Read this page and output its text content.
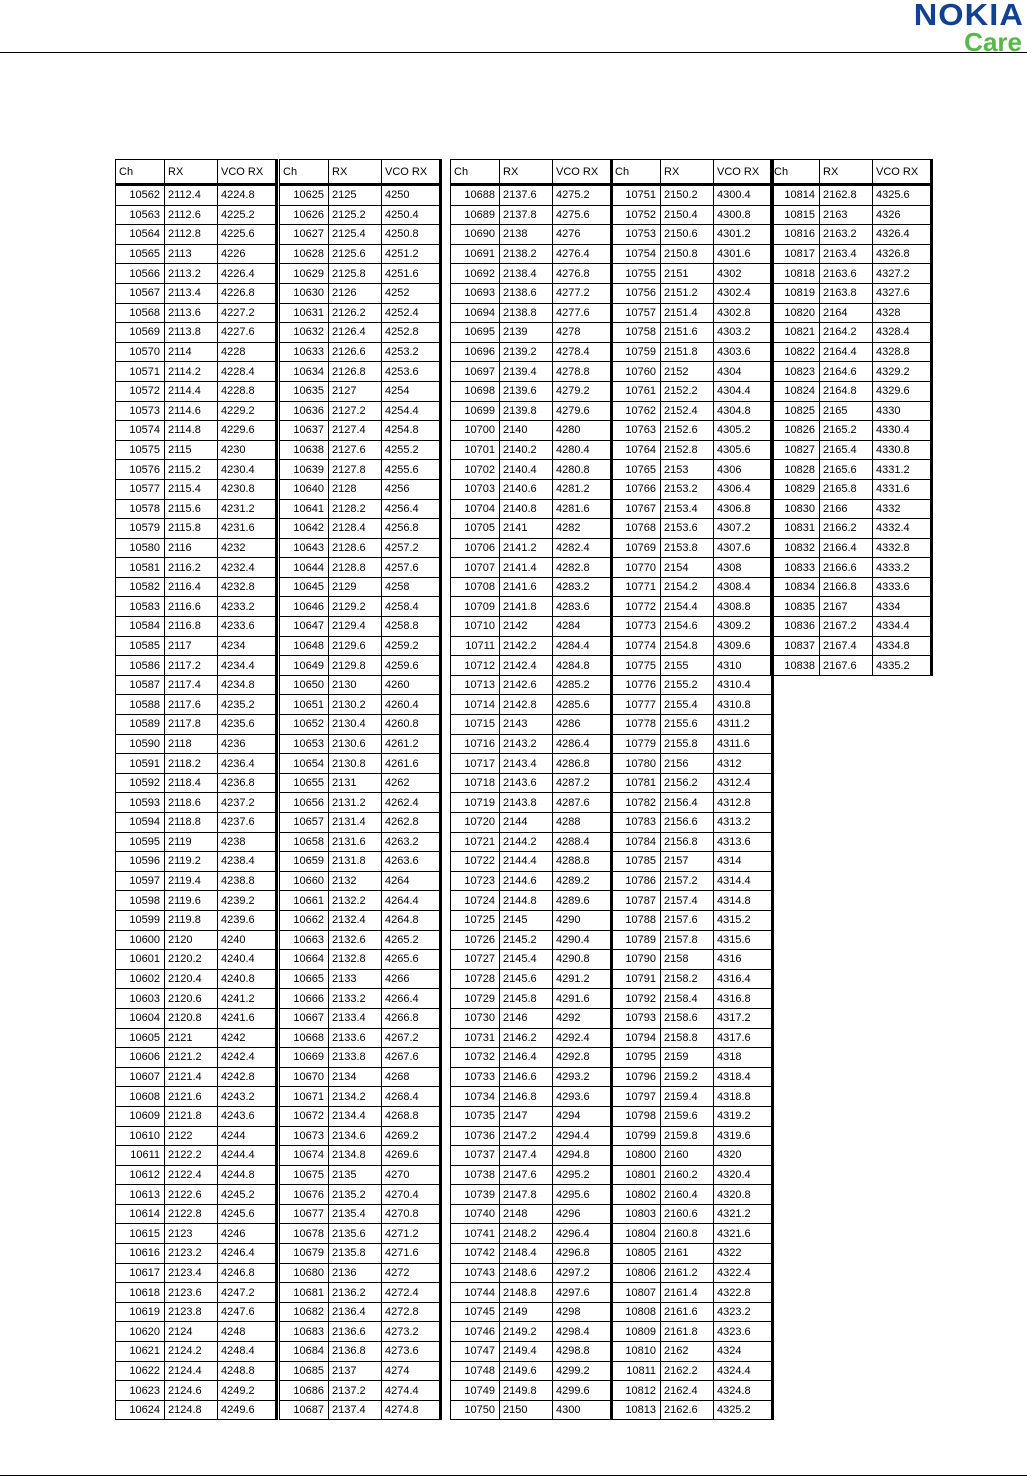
NOKIA
Care
Ch	RX	VCO RX
10562	2112.4	4224.8
10563	2112.6	4225.2
10564	2112.8	4225.6
10565	2113	4226
10566	2113.2	4226.4
10567	2113.4	4226.8
10568	2113.6	4227.2
10569	2113.8	4227.6
10570	2114	4228
10571	2114.2	4228.4
10572	2114.4	4228.8
10573	2114.6	4229.2
10574	2114.8	4229.6
10575	2115	4230
10576	2115.2	4230.4
10577	2115.4	4230.8
10578	2115.6	4231.2
10579	2115.8	4231.6
10580	2116	4232
10581	2116.2	4232.4
10582	2116.4	4232.8
10583	2116.6	4233.2
10584	2116.8	4233.6
10585	2117	4234
10586	2117.2	4234.4
10587	2117.4	4234.8
10588	2117.6	4235.2
10589	2117.8	4235.6
10590	2118	4236
10591	2118.2	4236.4
10592	2118.4	4236.8
10593	2118.6	4237.2
10594	2118.8	4237.6
10595	2119	4238
10596	2119.2	4238.4
10597	2119.4	4238.8
10598	2119.6	4239.2
10599	2119.8	4239.6
10600	2120	4240
10601	2120.2	4240.4
10602	2120.4	4240.8
10603	2120.6	4241.2
10604	2120.8	4241.6
10605	2121	4242
10606	2121.2	4242.4
10607	2121.4	4242.8
10608	2121.6	4243.2
10609	2121.8	4243.6
10610	2122	4244
10611	2122.2	4244.4
10612	2122.4	4244.8
10613	2122.6	4245.2
10614	2122.8	4245.6
10615	2123	4246
10616	2123.2	4246.4
10617	2123.4	4246.8
10618	2123.6	4247.2
10619	2123.8	4247.6
10620	2124	4248
10621	2124.2	4248.4
10622	2124.4	4248.8
10623	2124.6	4249.2
10624	2124.8	4249.6
Ch	RX	VCO RX
10625	2125	4250
10626	2125.2	4250.4
10627	2125.4	4250.8
10628	2125.6	4251.2
10629	2125.8	4251.6
10630	2126	4252
10631	2126.2	4252.4
10632	2126.4	4252.8
10633	2126.6	4253.2
10634	2126.8	4253.6
10635	2127	4254
10636	2127.2	4254.4
10637	2127.4	4254.8
10638	2127.6	4255.2
10639	2127.8	4255.6
10640	2128	4256
10641	2128.2	4256.4
10642	2128.4	4256.8
10643	2128.6	4257.2
10644	2128.8	4257.6
10645	2129	4258
10646	2129.2	4258.4
10647	2129.4	4258.8
10648	2129.6	4259.2
10649	2129.8	4259.6
10650	2130	4260
10651	2130.2	4260.4
10652	2130.4	4260.8
10653	2130.6	4261.2
10654	2130.8	4261.6
10655	2131	4262
10656	2131.2	4262.4
10657	2131.4	4262.8
10658	2131.6	4263.2
10659	2131.8	4263.6
10660	2132	4264
10661	2132.2	4264.4
10662	2132.4	4264.8
10663	2132.6	4265.2
10664	2132.8	4265.6
10665	2133	4266
10666	2133.2	4266.4
10667	2133.4	4266.8
10668	2133.6	4267.2
10669	2133.8	4267.6
10670	2134	4268
10671	2134.2	4268.4
10672	2134.4	4268.8
10673	2134.6	4269.2
10674	2134.8	4269.6
10675	2135	4270
10676	2135.2	4270.4
10677	2135.4	4270.8
10678	2135.6	4271.2
10679	2135.8	4271.6
10680	2136	4272
10681	2136.2	4272.4
10682	2136.4	4272.8
10683	2136.6	4273.2
10684	2136.8	4273.6
10685	2137	4274
10686	2137.2	4274.4
10687	2137.4	4274.8
Ch	RX	VCO RX
10688	2137.6	4275.2
10689	2137.8	4275.6
10690	2138	4276
10691	2138.2	4276.4
10692	2138.4	4276.8
10693	2138.6	4277.2
10694	2138.8	4277.6
10695	2139	4278
10696	2139.2	4278.4
10697	2139.4	4278.8
10698	2139.6	4279.2
10699	2139.8	4279.6
10700	2140	4280
10701	2140.2	4280.4
10702	2140.4	4280.8
10703	2140.6	4281.2
10704	2140.8	4281.6
10705	2141	4282
10706	2141.2	4282.4
10707	2141.4	4282.8
10708	2141.6	4283.2
10709	2141.8	4283.6
10710	2142	4284
10711	2142.2	4284.4
10712	2142.4	4284.8
10713	2142.6	4285.2
10714	2142.8	4285.6
10715	2143	4286
10716	2143.2	4286.4
10717	2143.4	4286.8
10718	2143.6	4287.2
10719	2143.8	4287.6
10720	2144	4288
10721	2144.2	4288.4
10722	2144.4	4288.8
10723	2144.6	4289.2
10724	2144.8	4289.6
10725	2145	4290
10726	2145.2	4290.4
10727	2145.4	4290.8
10728	2145.6	4291.2
10729	2145.8	4291.6
10730	2146	4292
10731	2146.2	4292.4
10732	2146.4	4292.8
10733	2146.6	4293.2
10734	2146.8	4293.6
10735	2147	4294
10736	2147.2	4294.4
10737	2147.4	4294.8
10738	2147.6	4295.2
10739	2147.8	4295.6
10740	2148	4296
10741	2148.2	4296.4
10742	2148.4	4296.8
10743	2148.6	4297.2
10744	2148.8	4297.6
10745	2149	4298
10746	2149.2	4298.4
10747	2149.4	4298.8
10748	2149.6	4299.2
10749	2149.8	4299.6
10750	2150	4300
Ch	RX	VCO RX
10751	2150.2	4300.4
10752	2150.4	4300.8
10753	2150.6	4301.2
10754	2150.8	4301.6
10755	2151	4302
10756	2151.2	4302.4
10757	2151.4	4302.8
10758	2151.6	4303.2
10759	2151.8	4303.6
10760	2152	4304
10761	2152.2	4304.4
10762	2152.4	4304.8
10763	2152.6	4305.2
10764	2152.8	4305.6
10765	2153	4306
10766	2153.2	4306.4
10767	2153.4	4306.8
10768	2153.6	4307.2
10769	2153.8	4307.6
10770	2154	4308
10771	2154.2	4308.4
10772	2154.4	4308.8
10773	2154.6	4309.2
10774	2154.8	4309.6
10775	2155	4310
10776	2155.2	4310.4
10777	2155.4	4310.8
10778	2155.6	4311.2
10779	2155.8	4311.6
10780	2156	4312
10781	2156.2	4312.4
10782	2156.4	4312.8
10783	2156.6	4313.2
10784	2156.8	4313.6
10785	2157	4314
10786	2157.2	4314.4
10787	2157.4	4314.8
10788	2157.6	4315.2
10789	2157.8	4315.6
10790	2158	4316
10791	2158.2	4316.4
10792	2158.4	4316.8
10793	2158.6	4317.2
10794	2158.8	4317.6
10795	2159	4318
10796	2159.2	4318.4
10797	2159.4	4318.8
10798	2159.6	4319.2
10799	2159.8	4319.6
10800	2160	4320
10801	2160.2	4320.4
10802	2160.4	4320.8
10803	2160.6	4321.2
10804	2160.8	4321.6
10805	2161	4322
10806	2161.2	4322.4
10807	2161.4	4322.8
10808	2161.6	4323.2
10809	2161.8	4323.6
10810	2162	4324
10811	2162.2	4324.4
10812	2162.4	4324.8
10813	2162.6	4325.2
Ch	RX	VCO RX
10814	2162.8	4325.6
10815	2163	4326
10816	2163.2	4326.4
10817	2163.4	4326.8
10818	2163.6	4327.2
10819	2163.8	4327.6
10820	2164	4328
10821	2164.2	4328.4
10822	2164.4	4328.8
10823	2164.6	4329.2
10824	2164.8	4329.6
10825	2165	4330
10826	2165.2	4330.4
10827	2165.4	4330.8
10828	2165.6	4331.2
10829	2165.8	4331.6
10830	2166	4332
10831	2166.2	4332.4
10832	2166.4	4332.8
10833	2166.6	4333.2
10834	2166.8	4333.6
10835	2167	4334
10836	2167.2	4334.4
10837	2167.4	4334.8
10838	2167.6	4335.2
